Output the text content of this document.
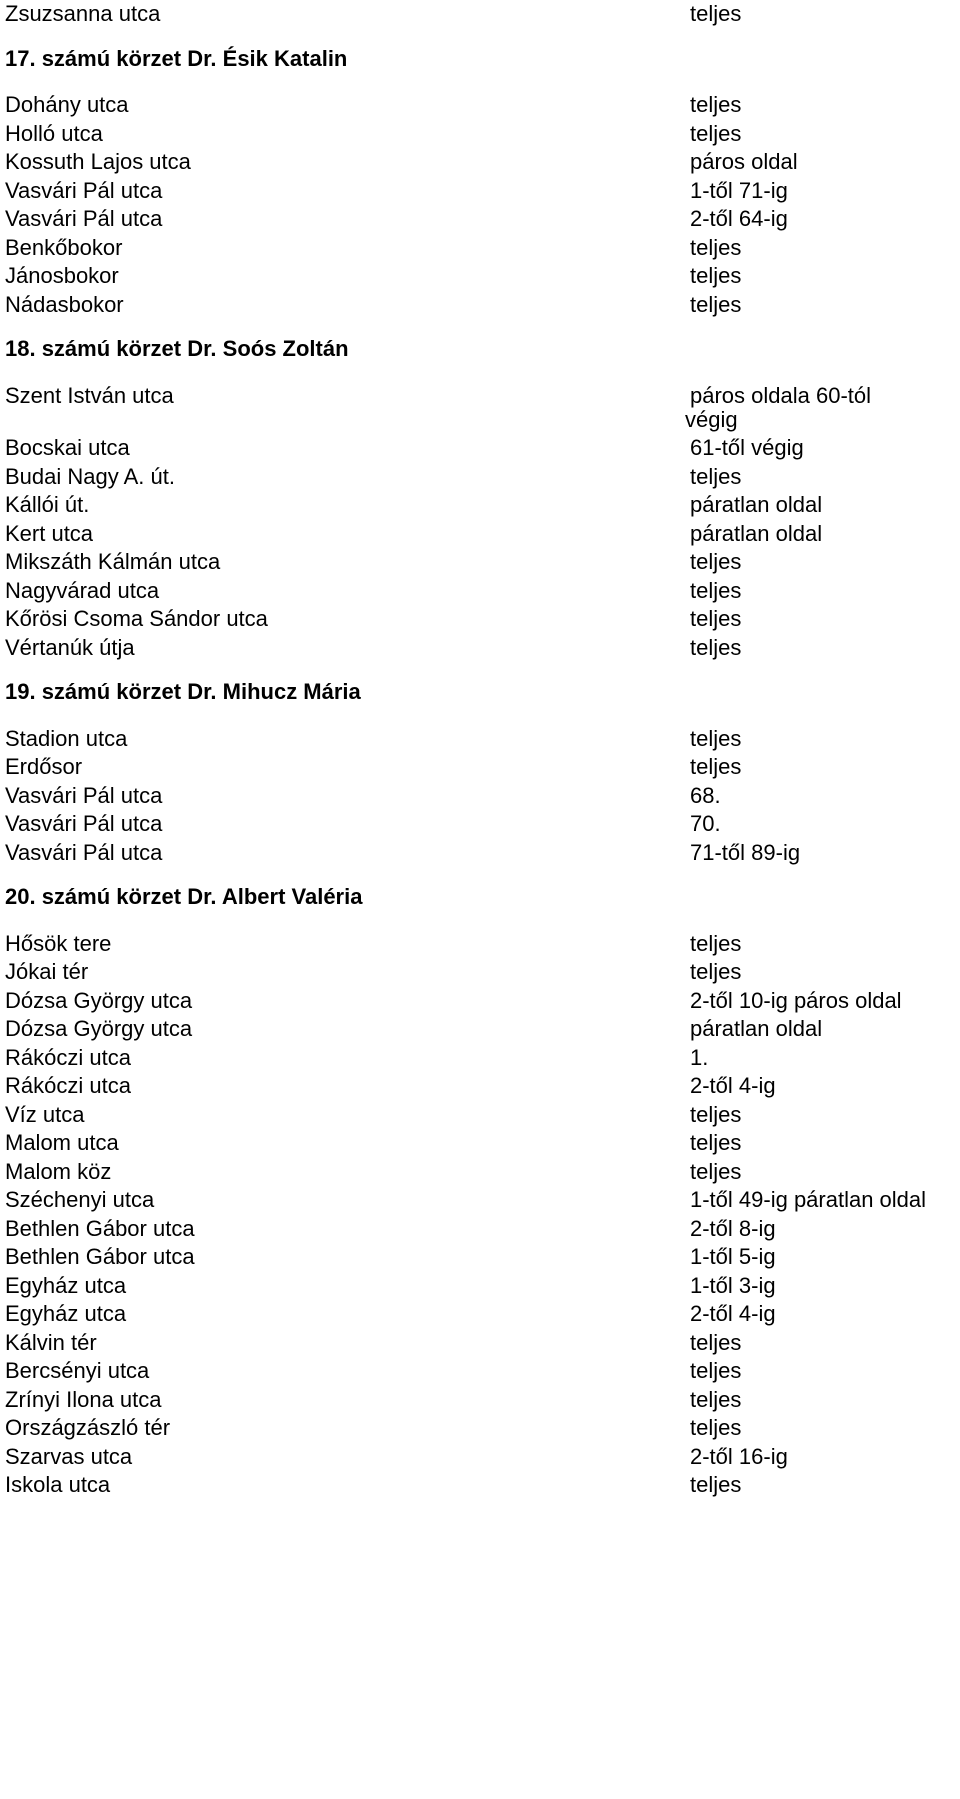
Zsuzsanna utca	teljes
17. számú körzet Dr. Ésik Katalin
Dohány utca	teljes
Holló utca	teljes
Kossuth Lajos utca	páros oldal
Vasvári Pál utca	1-től 71-ig
Vasvári Pál utca	2-től 64-ig
Benkőbokor	teljes
Jánosbokor	teljes
Nádasbokor	teljes
18. számú körzet Dr. Soós Zoltán
Szent István utca	páros oldala 60-tól
végig
Bocskai utca	61-től végig
Budai Nagy A. út.	teljes
Kállói út.	páratlan oldal
Kert utca	páratlan oldal
Mikszáth Kálmán utca	teljes
Nagyvárad utca	teljes
Kőrösi Csoma Sándor utca	teljes
Vértanúk útja	teljes
19. számú körzet Dr. Mihucz Mária
Stadion utca	teljes
Erdősor	teljes
Vasvári Pál utca	68.
Vasvári Pál utca	70.
Vasvári Pál utca	71-től 89-ig
20. számú körzet Dr. Albert Valéria
Hősök tere	teljes
Jókai tér	teljes
Dózsa György utca	2-től 10-ig páros oldal
Dózsa György utca	páratlan oldal
Rákóczi utca	1.
Rákóczi utca	2-től 4-ig
Víz utca	teljes
Malom utca	teljes
Malom köz	teljes
Széchenyi utca	1-től 49-ig páratlan oldal
Bethlen Gábor utca	2-től 8-ig
Bethlen Gábor utca	1-től 5-ig
Egyház utca	1-től 3-ig
Egyház utca	2-től 4-ig
Kálvin tér	teljes
Bercsényi utca	teljes
Zrínyi Ilona utca	teljes
Országzászló tér	teljes
Szarvas utca	2-től 16-ig
Iskola utca	teljes
